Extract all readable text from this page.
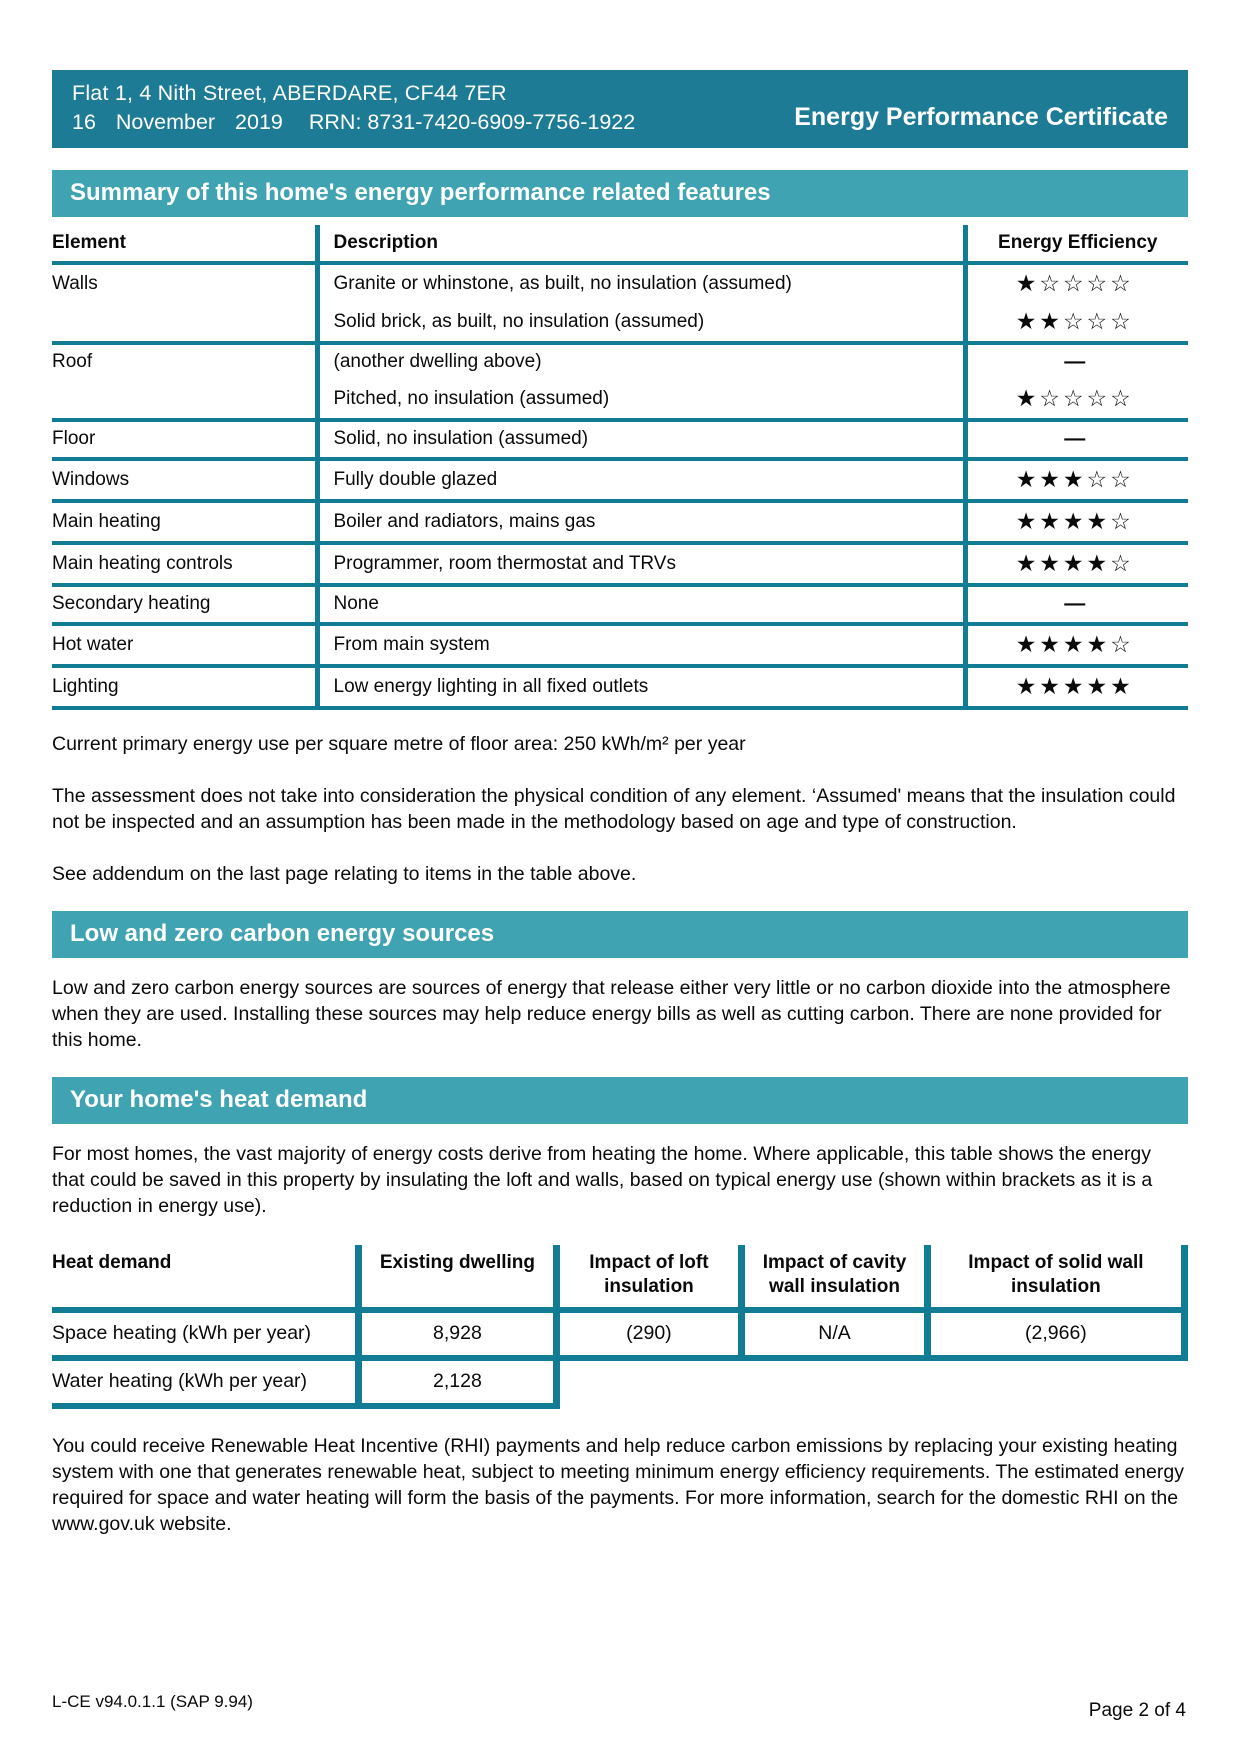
Flat 1, 4 Nith Street, ABERDARE, CF44 7ER
16 November 2019 RRN: 8731-7420-6909-7756-1922	Energy Performance Certificate
Summary of this home's energy performance related features
Element	Description	Energy Efficiency
Walls	Granite or whinstone, as built, no insulation (assumed)	★☆☆☆☆
	Solid brick, as built, no insulation (assumed)	★★☆☆☆
Roof	(another dwelling above)	—
	Pitched, no insulation (assumed)	★☆☆☆☆
Floor	Solid, no insulation (assumed)	—
Windows	Fully double glazed	★★★☆☆
Main heating	Boiler and radiators, mains gas	★★★★☆
Main heating controls	Programmer, room thermostat and TRVs	★★★★☆
Secondary heating	None	—
Hot water	From main system	★★★★☆
Lighting	Low energy lighting in all fixed outlets	★★★★★

Current primary energy use per square metre of floor area: 250 kWh/m² per year

The assessment does not take into consideration the physical condition of any element. ‘Assumed' means that the insulation could not be inspected and an assumption has been made in the methodology based on age and type of construction.

See addendum on the last page relating to items in the table above.

Low and zero carbon energy sources

Low and zero carbon energy sources are sources of energy that release either very little or no carbon dioxide into the atmosphere when they are used. Installing these sources may help reduce energy bills as well as cutting carbon. There are none provided for this home.

Your home's heat demand

For most homes, the vast majority of energy costs derive from heating the home. Where applicable, this table shows the energy that could be saved in this property by insulating the loft and walls, based on typical energy use (shown within brackets as it is a reduction in energy use).

Heat demand	Existing dwelling	Impact of loft insulation	Impact of cavity wall insulation	Impact of solid wall insulation
Space heating (kWh per year)	8,928	(290)	N/A	(2,966)
Water heating (kWh per year)	2,128			

You could receive Renewable Heat Incentive (RHI) payments and help reduce carbon emissions by replacing your existing heating system with one that generates renewable heat, subject to meeting minimum energy efficiency requirements. The estimated energy required for space and water heating will form the basis of the payments. For more information, search for the domestic RHI on the www.gov.uk website.

L-CE v94.0.1.1 (SAP 9.94)	Page 2 of 4
